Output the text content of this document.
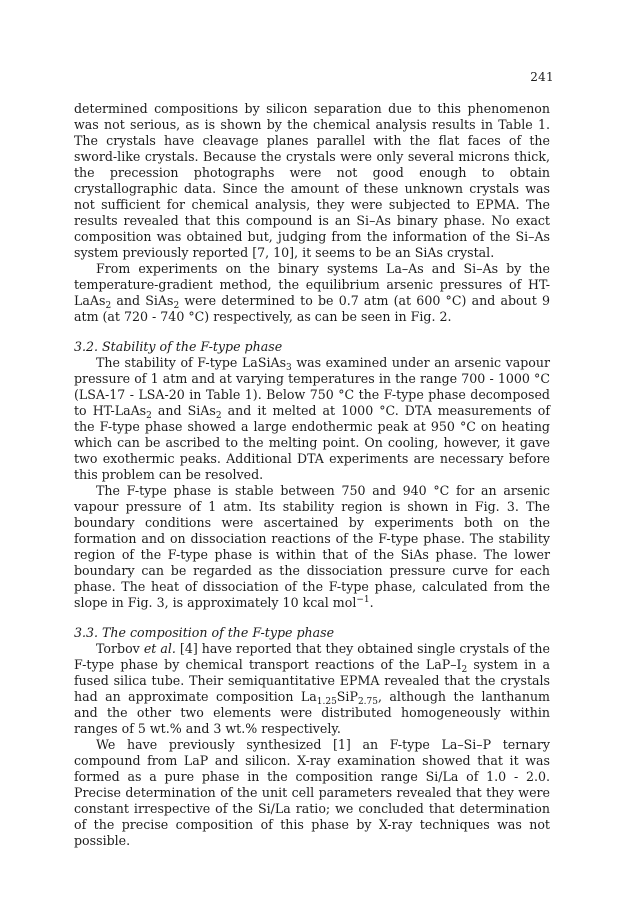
241

determined compositions by silicon separation due to this phenomenon was not serious, as is shown by the chemical analysis results in Table 1. The crystals have cleavage planes parallel with the flat faces of the sword-like crystals. Because the crystals were only several microns thick, the precession photographs were not good enough to obtain crystallographic data. Since the amount of these unknown crystals was not sufficient for chemical analysis, they were subjected to EPMA. The results revealed that this compound is an Si–As binary phase. No exact composition was obtained but, judging from the information of the Si–As system previously reported [7, 10], it seems to be an SiAs crystal.

From experiments on the binary systems La–As and Si–As by the temperature-gradient method, the equilibrium arsenic pressures of HT-LaAs$_2$ and SiAs$_2$ were determined to be 0.7 atm (at 600 °C) and about 9 atm (at 720 - 740 °C) respectively, as can be seen in Fig. 2.

3.2. Stability of the F-type phase

The stability of F-type LaSiAs$_3$ was examined under an arsenic vapour pressure of 1 atm and at varying temperatures in the range 700 - 1000 °C (LSA-17 - LSA-20 in Table 1). Below 750 °C the F-type phase decomposed to HT-LaAs$_2$ and SiAs$_2$ and it melted at 1000 °C. DTA measurements of the F-type phase showed a large endothermic peak at 950 °C on heating which can be ascribed to the melting point. On cooling, however, it gave two exothermic peaks. Additional DTA experiments are necessary before this problem can be resolved.

The F-type phase is stable between 750 and 940 °C for an arsenic vapour pressure of 1 atm. Its stability region is shown in Fig. 3. The boundary conditions were ascertained by experiments both on the formation and on dissociation reactions of the F-type phase. The stability region of the F-type phase is within that of the SiAs phase. The lower boundary can be regarded as the dissociation pressure curve for each phase. The heat of dissociation of the F-type phase, calculated from the slope in Fig. 3, is approximately 10 kcal mol$^{-1}$.

3.3. The composition of the F-type phase

Torbov et al. [4] have reported that they obtained single crystals of the F-type phase by chemical transport reactions of the LaP–$I_2$ system in a fused silica tube. Their semiquantitative EPMA revealed that the crystals had an approximate composition $La_{1.25}SiP_{2.75}$, although the lanthanum and the other two elements were distributed homogeneously within ranges of 5 wt.% and 3 wt.% respectively.

We have previously synthesized [1] an F-type La–Si–P ternary compound from LaP and silicon. X-ray examination showed that it was formed as a pure phase in the composition range Si/La of 1.0 - 2.0. Precise determination of the unit cell parameters revealed that they were constant irrespective of the Si/La ratio; we concluded that determination of the precise composition of this phase by X-ray techniques was not possible.
